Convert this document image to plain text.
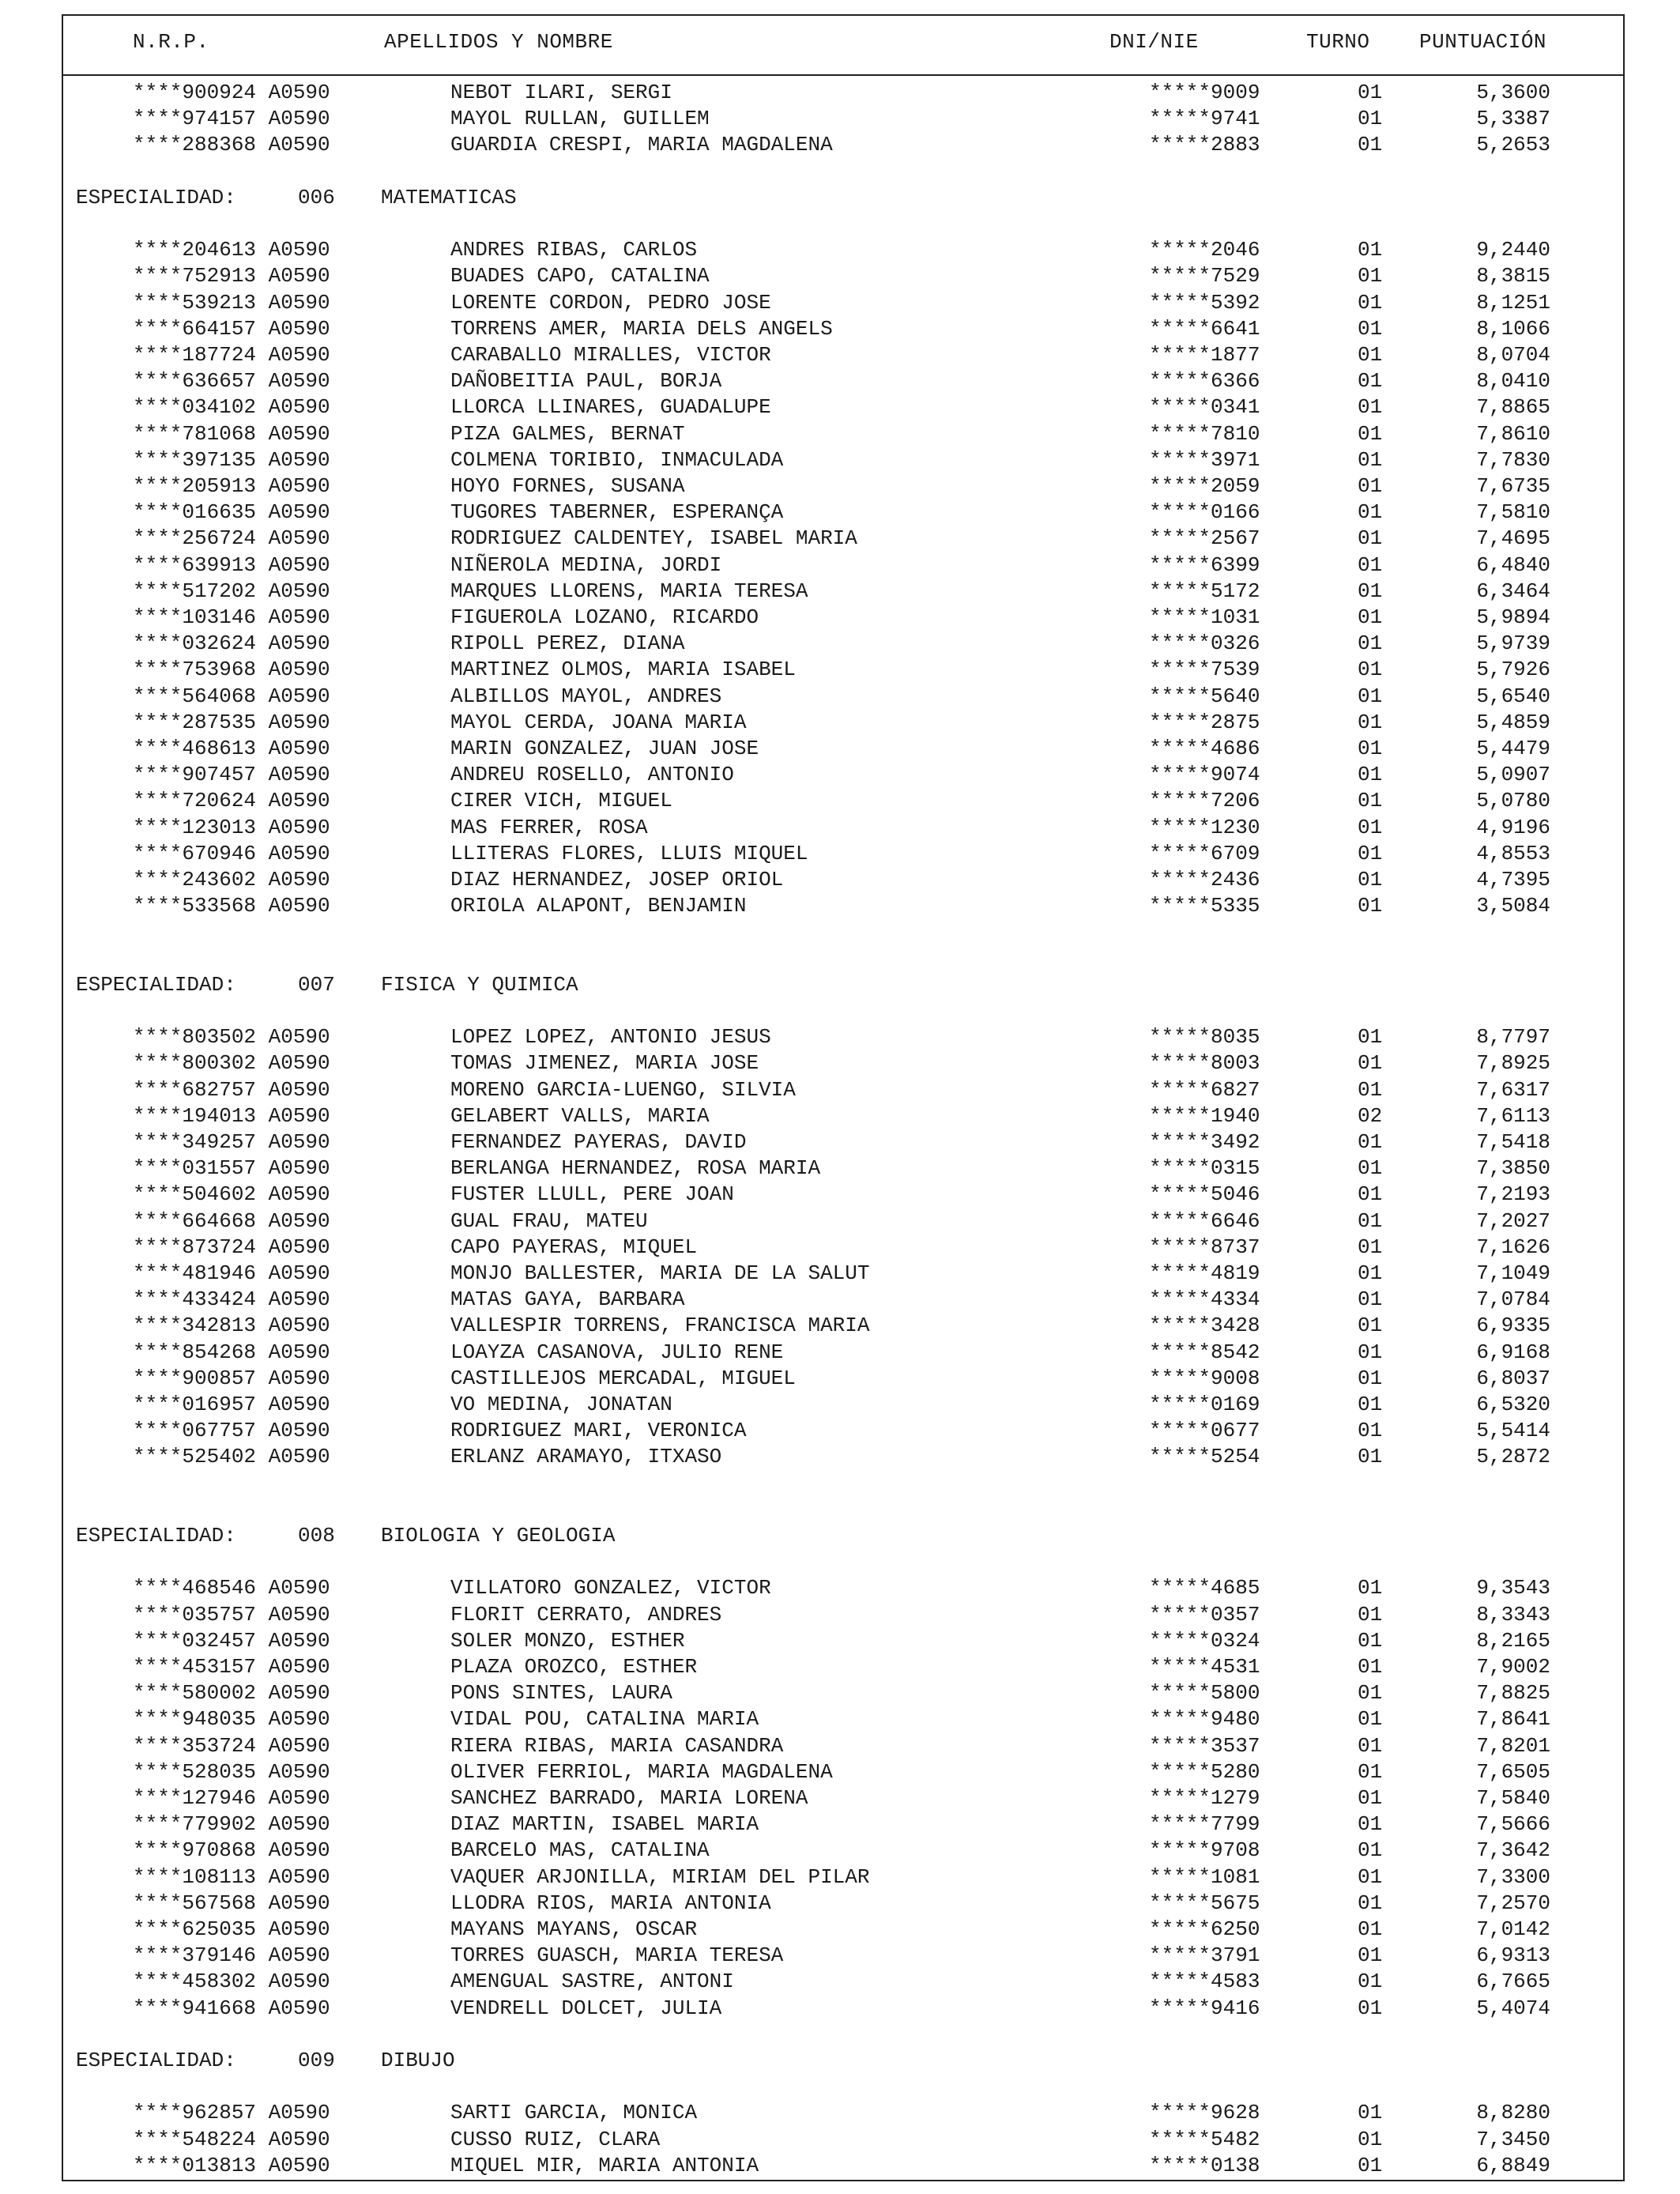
N.R.P.	APELLIDOS Y NOMBRE	DNI/NIE	TURNO PUNTUACIÓN
****900924 A0590	NEBOT ILARI, SERGI	*****9009	01	5,3600
****974157 A0590	MAYOL RULLAN, GUILLEM	*****9741	01	5,3387
****288368 A0590	GUARDIA CRESPI, MARIA MAGDALENA	*****2883	01	5,2653
ESPECIALIDAD:	006 MATEMATICAS
****204613 A0590	ANDRES RIBAS, CARLOS	*****2046	01	9,2440
****752913 A0590	BUADES CAPO, CATALINA	*****7529	01	8,3815
****539213 A0590	LORENTE CORDON, PEDRO JOSE	*****5392	01	8,1251
****664157 A0590	TORRENS AMER, MARIA DELS ANGELS	*****6641	01	8,1066
****187724 A0590	CARABALLO MIRALLES, VICTOR	*****1877	01	8,0704
****636657 A0590	DAÑOBEITIA PAUL, BORJA	*****6366	01	8,0410
****034102 A0590	LLORCA LLINARES, GUADALUPE	*****0341	01	7,8865
****781068 A0590	PIZA GALMES, BERNAT	*****7810	01	7,8610
****397135 A0590	COLMENA TORIBIO, INMACULADA	*****3971	01	7,7830
****205913 A0590	HOYO FORNES, SUSANA	*****2059	01	7,6735
****016635 A0590	TUGORES TABERNER, ESPERANÇA	*****0166	01	7,5810
****256724 A0590	RODRIGUEZ CALDENTEY, ISABEL MARIA	*****2567	01	7,4695
****639913 A0590	NIÑEROLA MEDINA, JORDI	*****6399	01	6,4840
****517202 A0590	MARQUES LLORENS, MARIA TERESA	*****5172	01	6,3464
****103146 A0590	FIGUEROLA LOZANO, RICARDO	*****1031	01	5,9894
****032624 A0590	RIPOLL PEREZ, DIANA	*****0326	01	5,9739
****753968 A0590	MARTINEZ OLMOS, MARIA ISABEL	*****7539	01	5,7926
****564068 A0590	ALBILLOS MAYOL, ANDRES	*****5640	01	5,6540
****287535 A0590	MAYOL CERDA, JOANA MARIA	*****2875	01	5,4859
****468613 A0590	MARIN GONZALEZ, JUAN JOSE	*****4686	01	5,4479
****907457 A0590	ANDREU ROSELLO, ANTONIO	*****9074	01	5,0907
****720624 A0590	CIRER VICH, MIGUEL	*****7206	01	5,0780
****123013 A0590	MAS FERRER, ROSA	*****1230	01	4,9196
****670946 A0590	LLITERAS FLORES, LLUIS MIQUEL	*****6709	01	4,8553
****243602 A0590	DIAZ HERNANDEZ, JOSEP ORIOL	*****2436	01	4,7395
****533568 A0590	ORIOLA ALAPONT, BENJAMIN	*****5335	01	3,5084
ESPECIALIDAD:	007 FISICA Y QUIMICA
****803502 A0590	LOPEZ LOPEZ, ANTONIO JESUS	*****8035	01	8,7797
****800302 A0590	TOMAS JIMENEZ, MARIA JOSE	*****8003	01	7,8925
****682757 A0590	MORENO GARCIA-LUENGO, SILVIA	*****6827	01	7,6317
****194013 A0590	GELABERT VALLS, MARIA	*****1940	02	7,6113
****349257 A0590	FERNANDEZ PAYERAS, DAVID	*****3492	01	7,5418
****031557 A0590	BERLANGA HERNANDEZ, ROSA MARIA	*****0315	01	7,3850
****504602 A0590	FUSTER LLULL, PERE JOAN	*****5046	01	7,2193
****664668 A0590	GUAL FRAU, MATEU	*****6646	01	7,2027
****873724 A0590	CAPO PAYERAS, MIQUEL	*****8737	01	7,1626
****481946 A0590	MONJO BALLESTER, MARIA DE LA SALUT	*****4819	01	7,1049
****433424 A0590	MATAS GAYA, BARBARA	*****4334	01	7,0784
****342813 A0590	VALLESPIR TORRENS, FRANCISCA MARIA	*****3428	01	6,9335
****854268 A0590	LOAYZA CASANOVA, JULIO RENE	*****8542	01	6,9168
****900857 A0590	CASTILLEJOS MERCADAL, MIGUEL	*****9008	01	6,8037
****016957 A0590	VO MEDINA, JONATAN	*****0169	01	6,5320
****067757 A0590	RODRIGUEZ MARI, VERONICA	*****0677	01	5,5414
****525402 A0590	ERLANZ ARAMAYO, ITXASO	*****5254	01	5,2872
ESPECIALIDAD:	008 BIOLOGIA Y GEOLOGIA
****468546 A0590	VILLATORO GONZALEZ, VICTOR	*****4685	01	9,3543
****035757 A0590	FLORIT CERRATO, ANDRES	*****0357	01	8,3343
****032457 A0590	SOLER MONZO, ESTHER	*****0324	01	8,2165
****453157 A0590	PLAZA OROZCO, ESTHER	*****4531	01	7,9002
****580002 A0590	PONS SINTES, LAURA	*****5800	01	7,8825
****948035 A0590	VIDAL POU, CATALINA MARIA	*****9480	01	7,8641
****353724 A0590	RIERA RIBAS, MARIA CASANDRA	*****3537	01	7,8201
****528035 A0590	OLIVER FERRIOL, MARIA MAGDALENA	*****5280	01	7,6505
****127946 A0590	SANCHEZ BARRADO, MARIA LORENA	*****1279	01	7,5840
****779902 A0590	DIAZ MARTIN, ISABEL MARIA	*****7799	01	7,5666
****970868 A0590	BARCELO MAS, CATALINA	*****9708	01	7,3642
****108113 A0590	VAQUER ARJONILLA, MIRIAM DEL PILAR	*****1081	01	7,3300
****567568 A0590	LLODRA RIOS, MARIA ANTONIA	*****5675	01	7,2570
****625035 A0590	MAYANS MAYANS, OSCAR	*****6250	01	7,0142
****379146 A0590	TORRES GUASCH, MARIA TERESA	*****3791	01	6,9313
****458302 A0590	AMENGUAL SASTRE, ANTONI	*****4583	01	6,7665
****941668 A0590	VENDRELL DOLCET, JULIA	*****9416	01	5,4074
ESPECIALIDAD:	009 DIBUJO
****962857 A0590	SARTI GARCIA, MONICA	*****9628	01	8,8280
****548224 A0590	CUSSO RUIZ, CLARA	*****5482	01	7,3450
****013813 A0590	MIQUEL MIR, MARIA ANTONIA	*****0138	01	6,8849
